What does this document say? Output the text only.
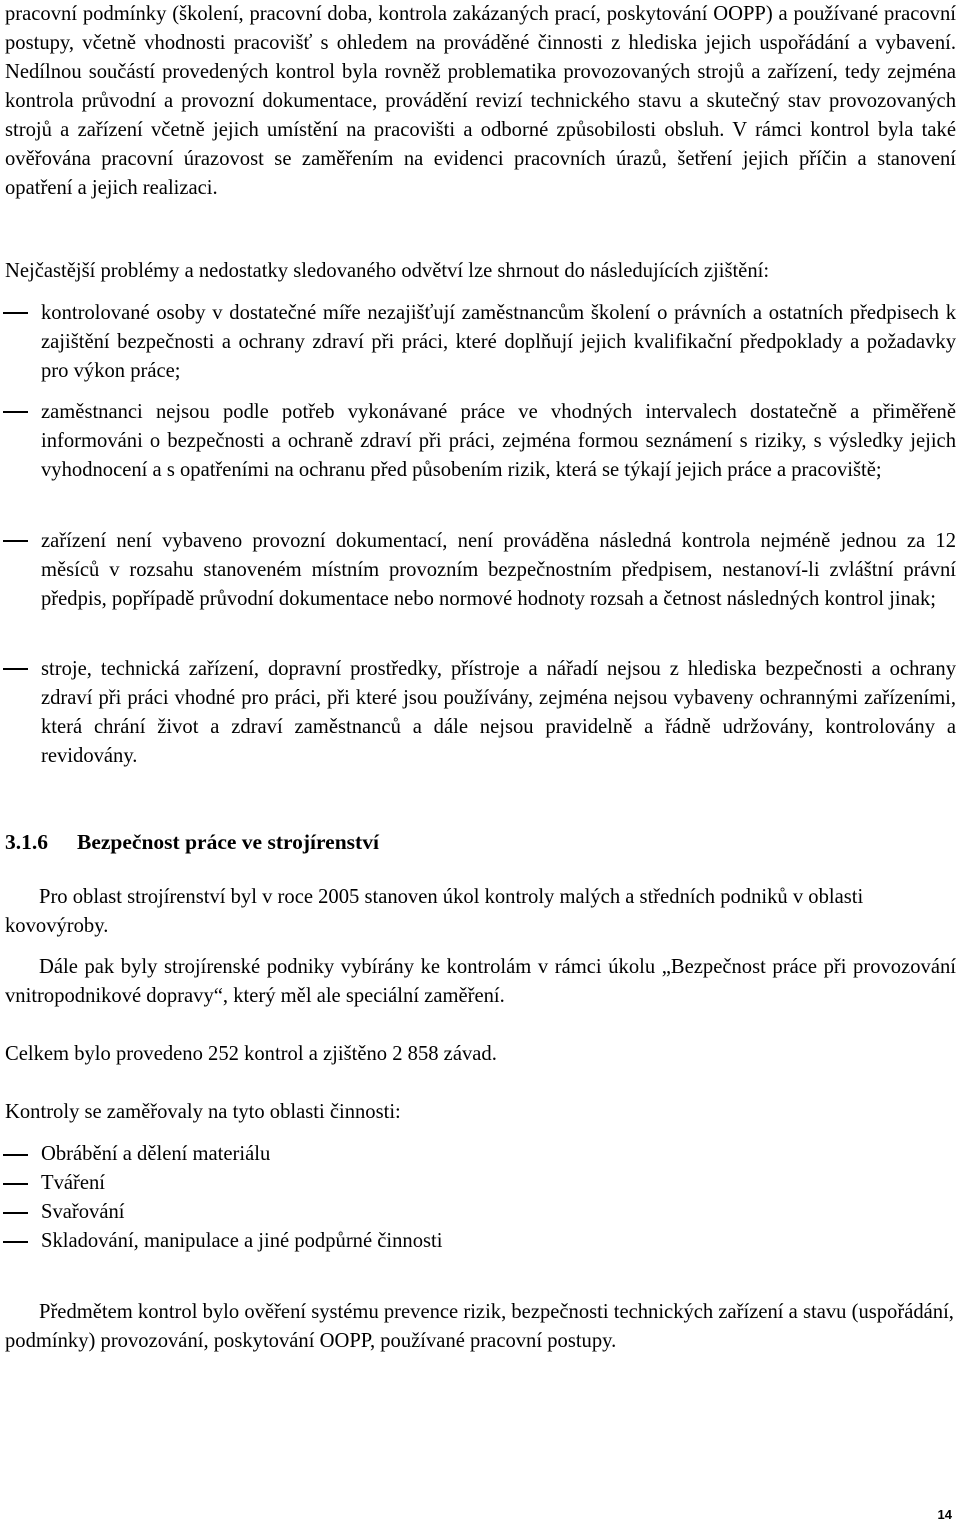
pracovní podmínky (školení, pracovní doba, kontrola zakázaných prací, poskytování OOPP) a používané pracovní postupy, včetně vhodnosti pracovišť s ohledem na prováděné činnosti z hlediska jejich uspořádání a vybavení. Nedílnou součástí provedených kontrol byla rovněž problematika provozovaných strojů a zařízení, tedy zejména kontrola průvodní a provozní dokumentace, provádění revizí technického stavu a skutečný stav provozovaných strojů a zařízení včetně jejich umístění na pracovišti a odborné způsobilosti obsluh. V rámci kontrol byla také ověřována pracovní úrazovost se zaměřením na evidenci pracovních úrazů, šetření jejich příčin a stanovení opatření a jejich realizaci.

Nejčastější problémy a nedostatky sledovaného odvětví lze shrnout do následujících zjištění:

kontrolované osoby v dostatečné míře nezajišťují zaměstnancům školení o právních a ostatních předpisech k zajištění bezpečnosti a ochrany zdraví při práci, které doplňují jejich kvalifikační předpoklady a požadavky pro výkon práce;

zaměstnanci nejsou podle potřeb vykonávané práce ve vhodných intervalech dostatečně a přiměřeně informováni o bezpečnosti a ochraně zdraví při práci, zejména formou seznámení s riziky, s výsledky jejich vyhodnocení a s opatřeními na ochranu před působením rizik, která se týkají jejich práce a pracoviště;

zařízení není vybaveno provozní dokumentací, není prováděna následná kontrola nejméně jednou za 12 měsíců v rozsahu stanoveném místním provozním bezpečnostním předpisem, nestanoví-li zvláštní právní předpis, popřípadě průvodní dokumentace nebo normové hodnoty rozsah a četnost následných kontrol jinak;

stroje, technická zařízení, dopravní prostředky, přístroje a nářadí nejsou z hlediska bezpečnosti a ochrany zdraví při práci vhodné pro práci, při které jsou používány, zejména nejsou vybaveny ochrannými zařízeními, která chrání život a zdraví zaměstnanců a dále nejsou pravidelně a řádně udržovány, kontrolovány a revidovány.

3.1.6 Bezpečnost práce ve strojírenství

Pro oblast strojírenství byl v roce 2005 stanoven úkol kontroly malých a středních podniků v oblasti kovovýroby.

Dále pak byly strojírenské podniky vybírány ke kontrolám v rámci úkolu „Bezpečnost práce při provozování vnitropodnikové dopravy“, který měl ale speciální zaměření.

Celkem bylo provedeno 252 kontrol a zjištěno 2 858 závad.

Kontroly se zaměřovaly na tyto oblasti činnosti:

Obrábění a dělení materiálu

Tváření

Svařování

Skladování, manipulace a jiné podpůrné činnosti

Předmětem kontrol bylo ověření systému prevence rizik, bezpečnosti technických zařízení a stavu (uspořádání, podmínky) provozování, poskytování OOPP, používané pracovní postupy.

14
